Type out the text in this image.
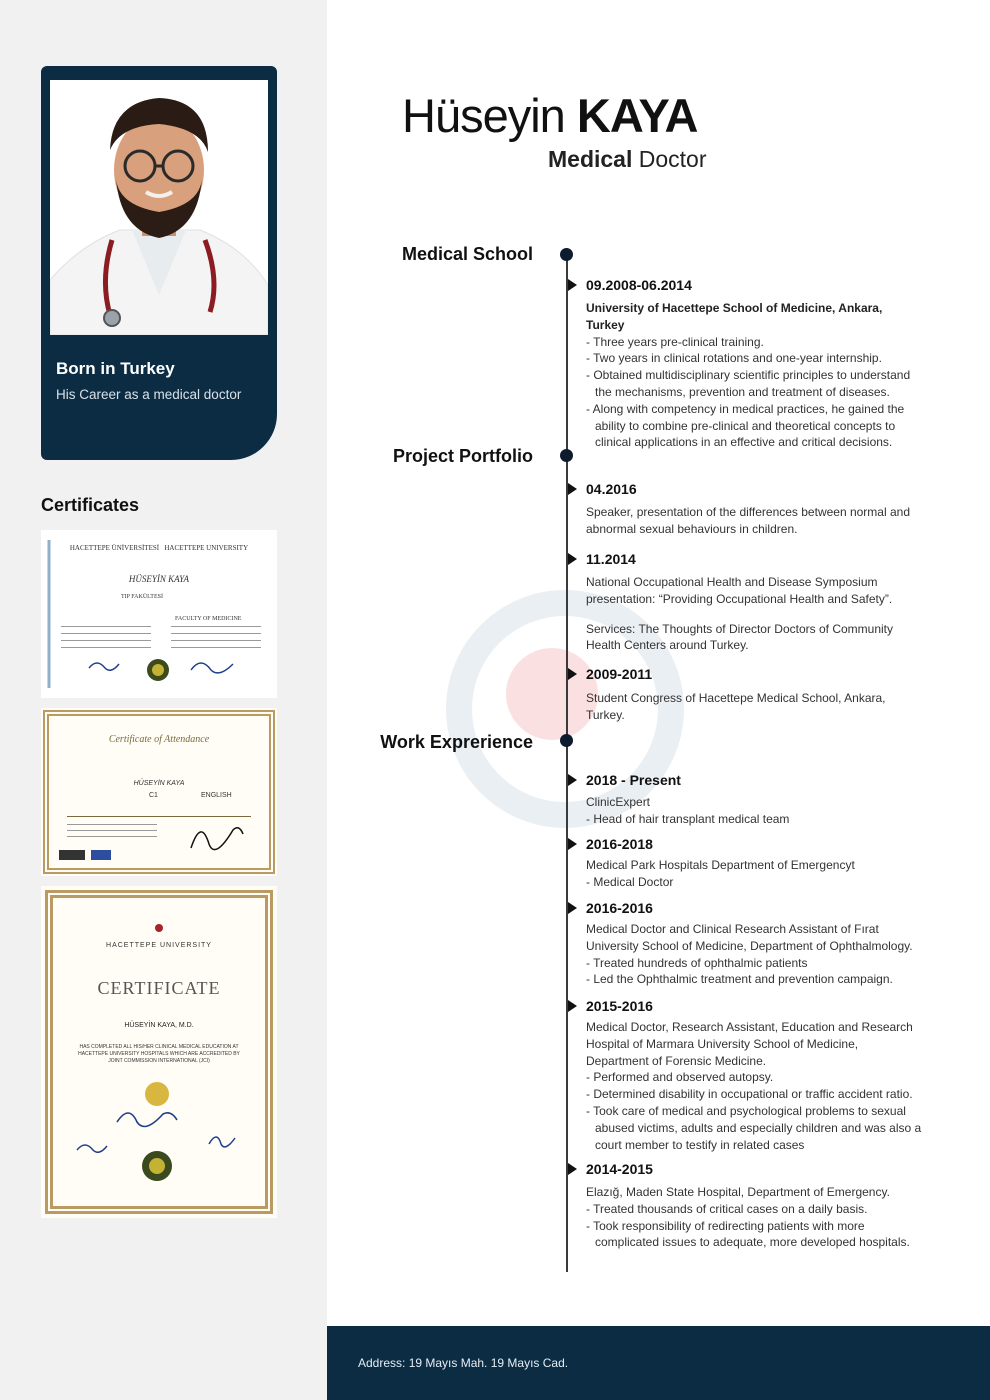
Born in Turkey
His Career as a medical doctor
Certificates
HACETTEPE ÜNİVERSİTESİ HACETTEPE UNIVERSITY
HÜSEYİN KAYA
TIP FAKÜLTESİ
FACULTY OF MEDICINE
Certificate of Attendance
HÜSEYİN KAYA
C1	ENGLISH
HACETTEPE UNIVERSITY
CERTIFICATE
HÜSEYİN KAYA, M.D.
HAS COMPLETED ALL HIS/HER CLINICAL MEDICAL EDUCATION AT HACETTEPE UNIVERSITY HOSPITALS WHICH ARE ACCREDITED BY JOINT COMMISSION INTERNATIONAL (JCI)
Hüseyin KAYA
Medical Doctor
Medical School
09.2008-06.2014

University of Hacettepe School of Medicine, Ankara, Turkey

- Three years pre-clinical training.

- Two years in clinical rotations and one-year internship.

- Obtained multidisciplinary scientific principles to understand the mechanisms, prevention and treatment of diseases.

- Along with competency in medical practices, he gained the ability to combine pre-clinical and theoretical concepts to clinical applications in an effective and critical decisions.

Project Portfolio
04.2016

Speaker, presentation of the differences between normal and abnormal sexual behaviours in children.

11.2014

National Occupational Health and Disease Symposium presentation: “Providing Occupational Health and Safety”.

Services: The Thoughts of Director Doctors of Community Health Centers around Turkey.

2009-2011

Student Congress of Hacettepe Medical School, Ankara, Turkey.

Work Exprerience
2018 - Present

ClinicExpert

- Head of hair transplant medical team

2016-2018

Medical Park Hospitals Department of Emergencyt

- Medical Doctor

2016-2016

Medical Doctor and Clinical Research Assistant of Fırat University School of Medicine, Department of Ophthalmology.

- Treated hundreds of ophthalmic patients

- Led the Ophthalmic treatment and prevention campaign.

2015-2016

Medical Doctor, Research Assistant, Education and Research Hospital of Marmara University School of Medicine, Department of Forensic Medicine.

- Performed and observed autopsy.

- Determined disability in occupational or traffic accident ratio.

- Took care of medical and psychological problems to sexual abused victims, adults and especially children and was also a court member to testify in related cases

2014-2015

Elazığ, Maden State Hospital, Department of Emergency.

- Treated thousands of critical cases on a daily basis.

- Took responsibility of redirecting patients with more complicated issues to adequate, more developed hospitals.

Address: 19 Mayıs Mah. 19 Mayıs Cad.
